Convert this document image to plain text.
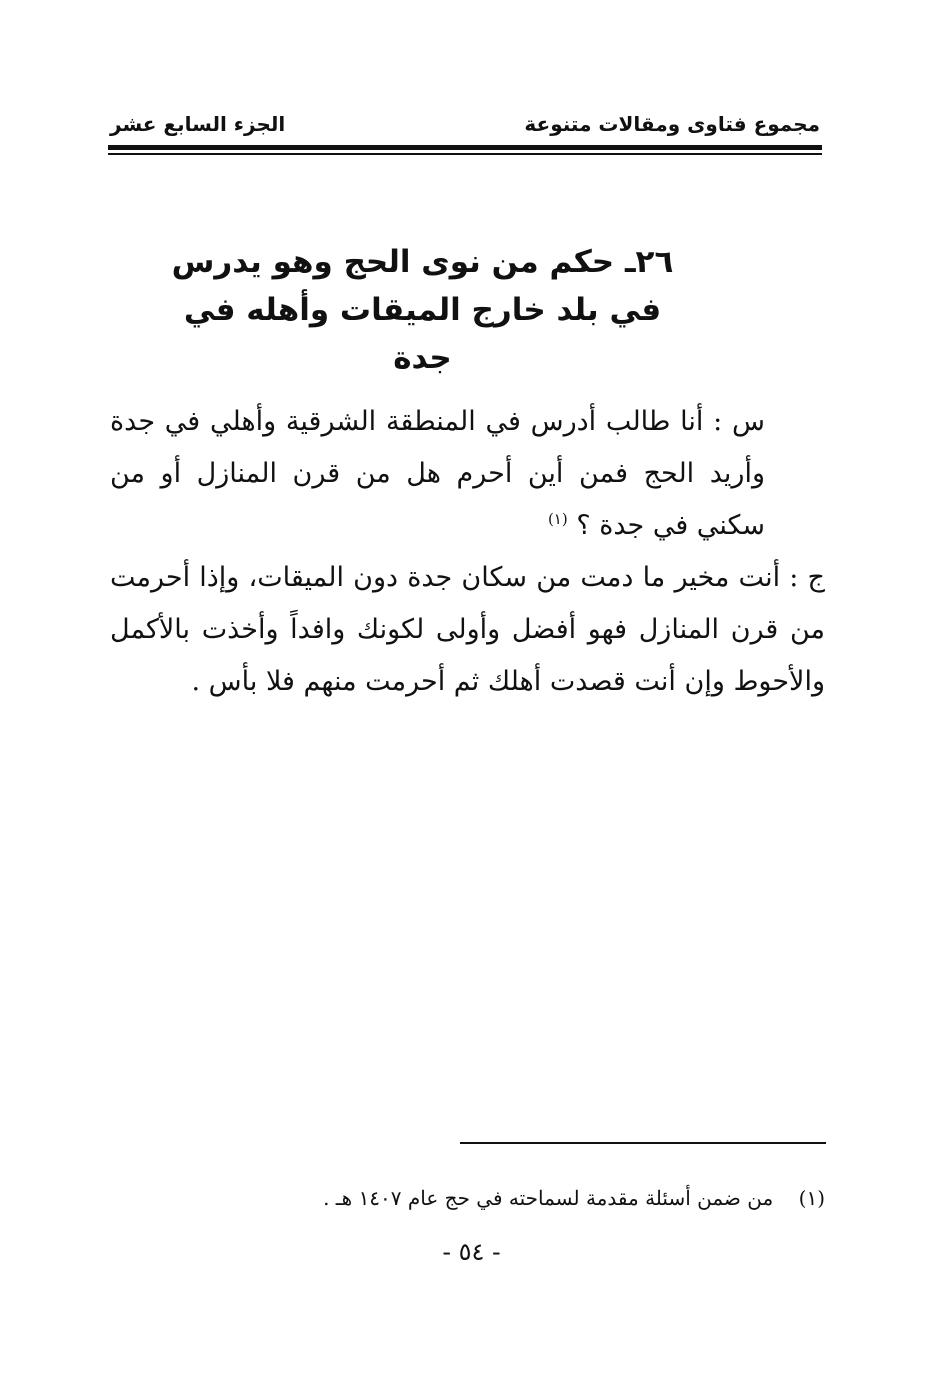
مجموع فتاوى ومقالات متنوعة
الجزء السابع عشر
٢٦ـ حكم من نوى الحج وهو يدرس
في بلد خارج الميقات وأهله في جدة
س : أنا طالب أدرس في المنطقة الشرقية وأهلي في جدة وأريد الحج فمن أين أحرم هل من قرن المنازل أو من سكني في جدة ؟ $^{(١)}$
ج : أنت مخير ما دمت من سكان جدة دون الميقات، وإذا أحرمت من قرن المنازل فهو أفضل وأولى لكونك وافداً وأخذت بالأكمل والأحوط وإن أنت قصدت أهلك ثم أحرمت منهم فلا بأس .
(١)    من ضمن أسئلة مقدمة لسماحته في حج عام ١٤٠٧ هـ .
- ٥٤ -
